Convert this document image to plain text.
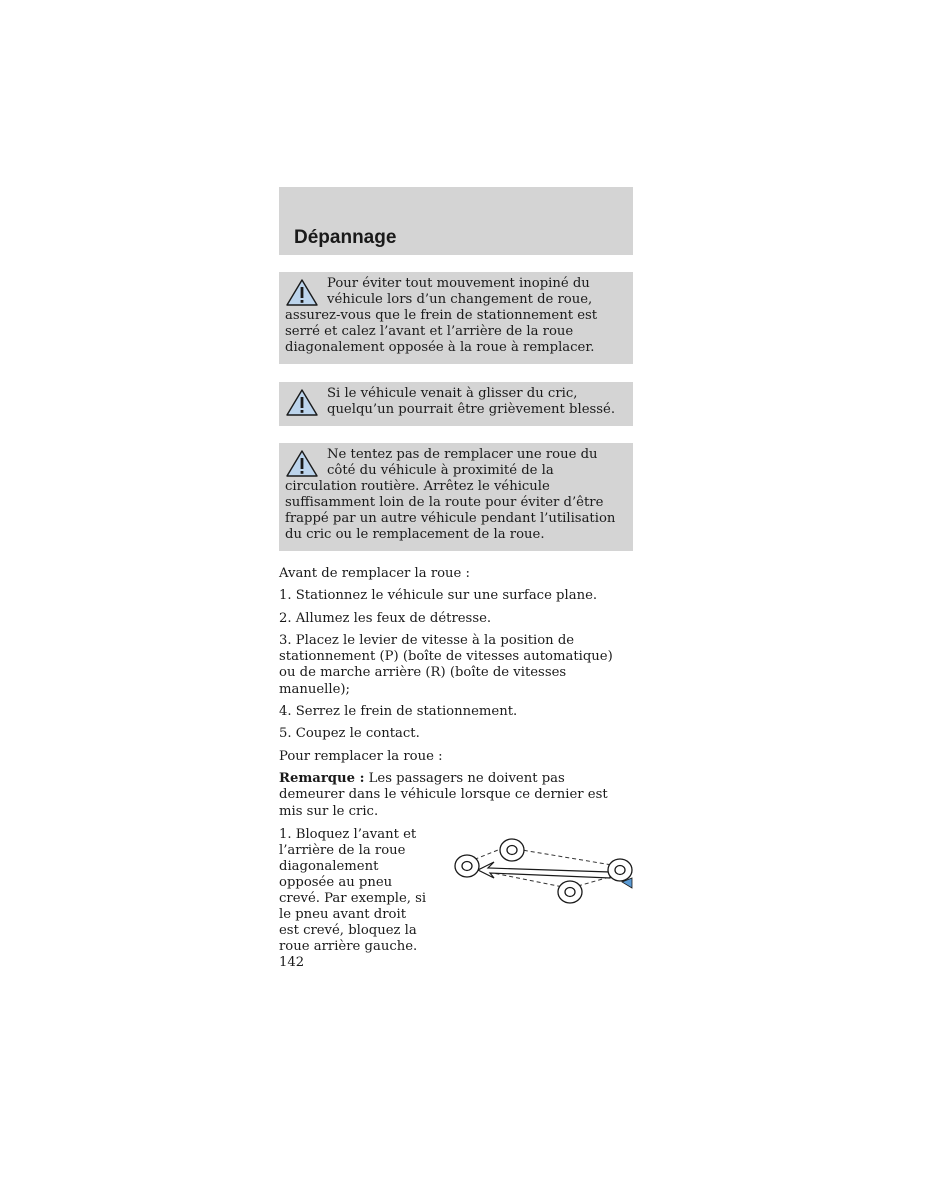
Dépannage

Pour éviter tout mouvement inopiné du véhicule lors d’un changement de roue, assurez-vous que le frein de stationnement est serré et calez l’avant et l’arrière de la roue diagonalement opposée à la roue à remplacer.

Si le véhicule venait à glisser du cric, quelqu’un pourrait être grièvement blessé.

Ne tentez pas de remplacer une roue du côté du véhicule à proximité de la circulation routière. Arrêtez le véhicule suffisamment loin de la route pour éviter d’être frappé par un autre véhicule pendant l’utilisation du cric ou le remplacement de la roue.

Avant de remplacer la roue :

1. Stationnez le véhicule sur une surface plane.

2. Allumez les feux de détresse.

3. Placez le levier de vitesse à la position de stationnement (P) (boîte de vitesses automatique) ou de marche arrière (R) (boîte de vitesses manuelle);

4. Serrez le frein de stationnement.

5. Coupez le contact.

Pour remplacer la roue :

Remarque : Les passagers ne doivent pas demeurer dans le véhicule lorsque ce dernier est mis sur le cric.

1. Bloquez l’avant et l’arrière de la roue diagonalement opposée au pneu crevé. Par exemple, si le pneu avant droit est crevé, bloquez la roue arrière gauche.

142
